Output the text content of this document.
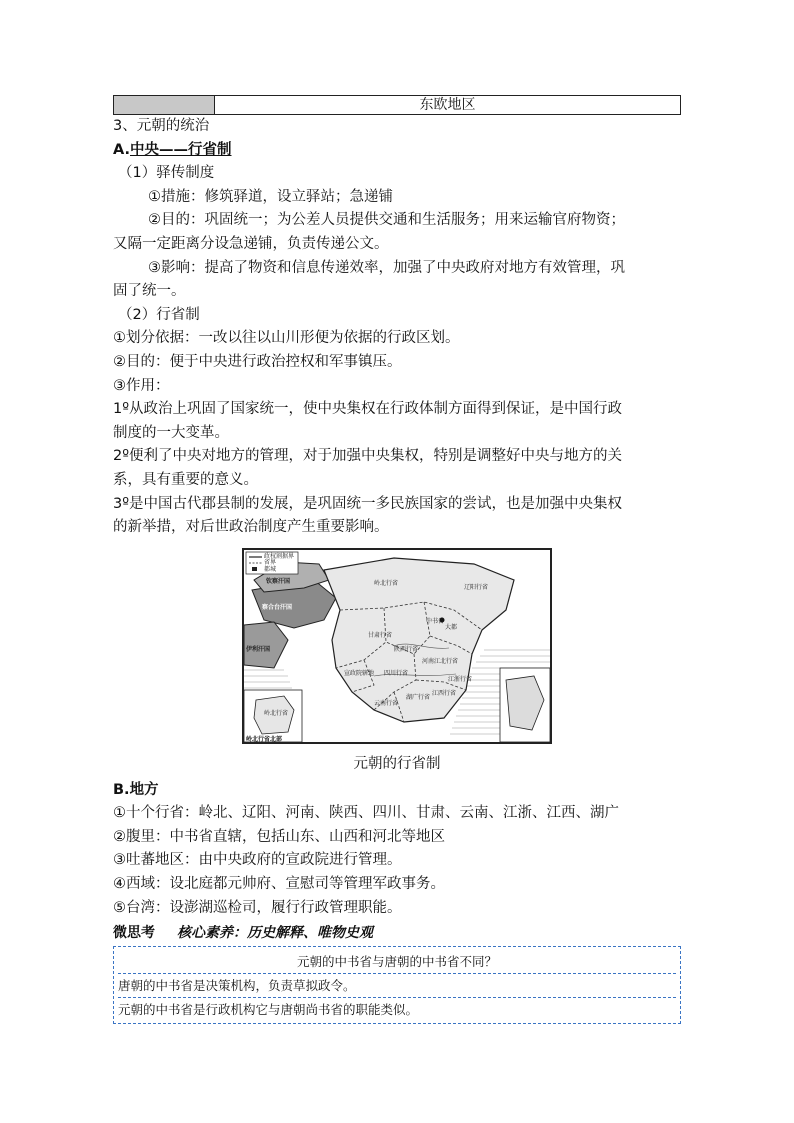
东欧地区
3、元朝的统治
A.中央——行省制
（1）驿传制度
①措施：修筑驿道，设立驿站；急递铺
②目的：巩固统一；为公差人员提供交通和生活服务；用来运输官府物资；
又隔一定距离分设急递铺，负责传递公文。
③影响：提高了物资和信息传递效率，加强了中央政府对地方有效管理，巩
固了统一。
（2）行省制
①划分依据：一改以往以山川形便为依据的行政区划。
②目的：便于中央进行政治控权和军事镇压。
③作用：
1º从政治上巩固了国家统一，使中央集权在行政体制方面得到保证，是中国行政
制度的一大变革。
2º便利了中央对地方的管理，对于加强中央集权，特别是调整好中央与地方的关
系，具有重要的意义。
3º是中国古代郡县制的发展，是巩固统一多民族国家的尝试，也是加强中央集权
的新举措，对后世政治制度产生重要影响。
政权割据界
省界
都城
钦察汗国
察合台汗国
伊利汗国
岭北行省
辽阳行省
甘肃行省
中书省
大都
陕西行省
河南江北行省
宣政院辖地 四川行省
云南行省
湖广行省
江西行省
江浙行省
岭北行省
岭北行省北部
元朝的行省制
B.地方
①十个行省：岭北、辽阳、河南、陕西、四川、甘肃、云南、江浙、江西、湖广
②腹里：中书省直辖，包括山东、山西和河北等地区
③吐蕃地区：由中央政府的宣政院进行管理。
④西域：设北庭都元帅府、宣慰司等管理军政事务。
⑤台湾：设澎湖巡检司，履行行政管理职能。
微思考 核心素养：历史解释、唯物史观
元朝的中书省与唐朝的中书省不同？
唐朝的中书省是决策机构，负责草拟政令。
元朝的中书省是行政机构它与唐朝尚书省的职能类似。
